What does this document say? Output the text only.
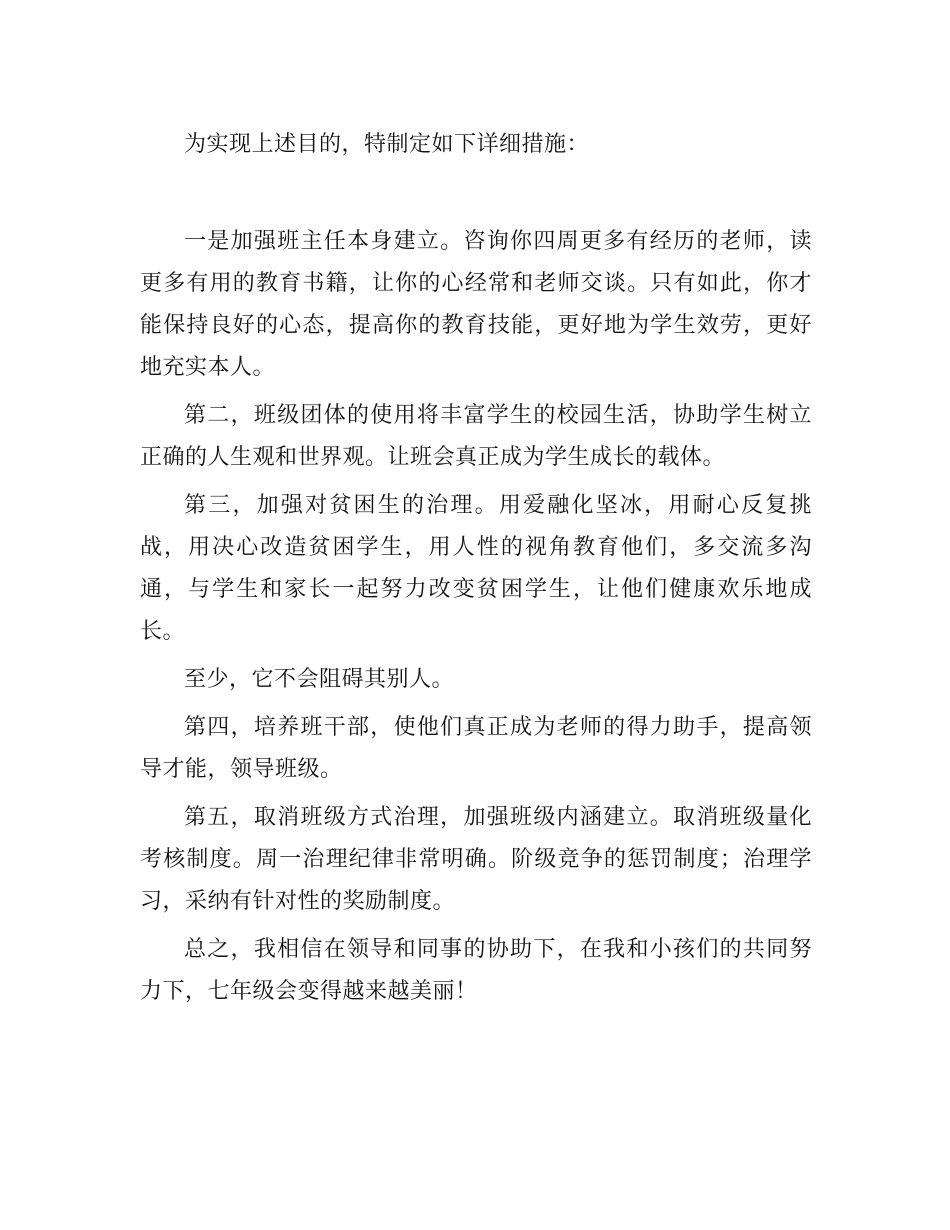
为实现上述目的，特制定如下详细措施：

一是加强班主任本身建立。咨询你四周更多有经历的老师，读更多有用的教育书籍，让你的心经常和老师交谈。只有如此，你才能保持良好的心态，提高你的教育技能，更好地为学生效劳，更好地充实本人。

第二，班级团体的使用将丰富学生的校园生活，协助学生树立正确的人生观和世界观。让班会真正成为学生成长的载体。

第三，加强对贫困生的治理。用爱融化坚冰，用耐心反复挑战，用决心改造贫困学生，用人性的视角教育他们，多交流多沟通，与学生和家长一起努力改变贫困学生，让他们健康欢乐地成长。

至少，它不会阻碍其别人。

第四，培养班干部，使他们真正成为老师的得力助手，提高领导才能，领导班级。

第五，取消班级方式治理，加强班级内涵建立。取消班级量化考核制度。周一治理纪律非常明确。阶级竞争的惩罚制度；治理学习，采纳有针对性的奖励制度。

总之，我相信在领导和同事的协助下，在我和小孩们的共同努力下，七年级会变得越来越美丽！
